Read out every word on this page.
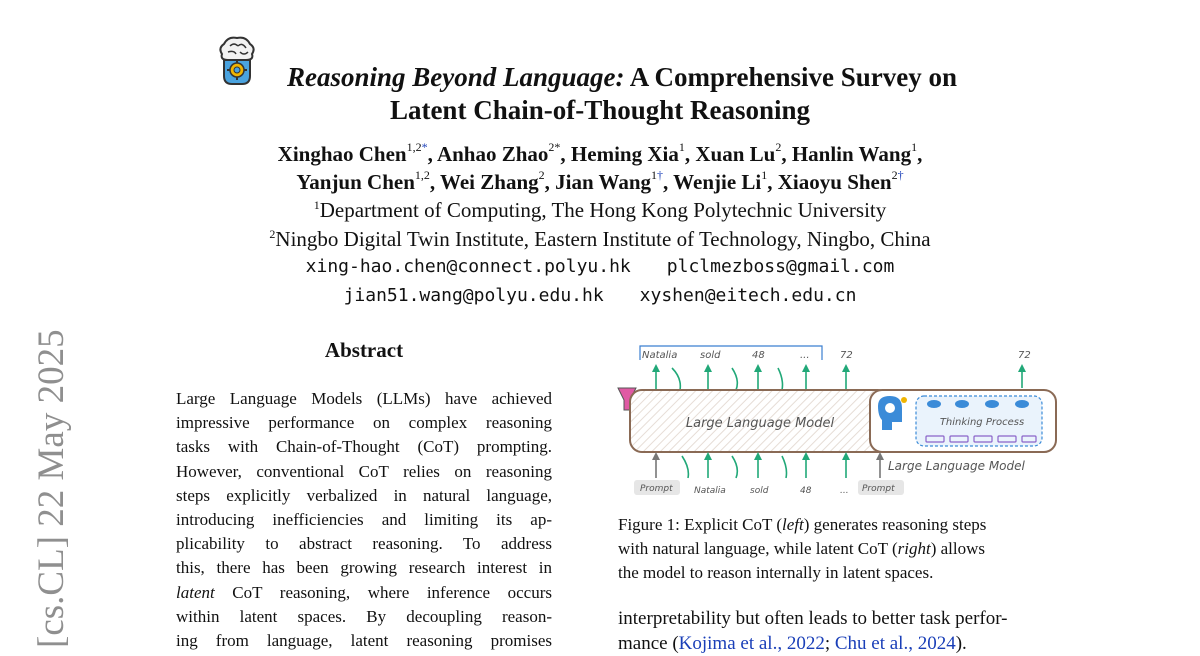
[cs.CL] 22 May 2025
Reasoning Beyond Language: A Comprehensive Survey on
Latent Chain-of-Thought Reasoning
Xinghao Chen$^{1,2*}$, Anhao Zhao$^{2*}$, Heming Xia$^1$, Xuan Lu$^2$, Hanlin Wang$^1$,
Yanjun Chen$^{1,2}$, Wei Zhang$^2$, Jian Wang$^{1\dagger}$, Wenjie Li$^1$, Xiaoyu Shen$^{2\dagger}$
$^1$Department of Computing, The Hong Kong Polytechnic University
$^2$Ningbo Digital Twin Institute, Eastern Institute of Technology, Ningbo, China
xing-hao.chen@connect.polyu.hk plclmezboss@gmail.com
jian51.wang@polyu.edu.hk xyshen@eitech.edu.cn
Abstract
Large Language Models (LLMs) have achieved
impressive performance on complex reasoning
tasks with Chain-of-Thought (CoT) prompting.
However, conventional CoT relies on reasoning
steps explicitly verbalized in natural language,
introducing inefficiencies and limiting its ap-
plicability to abstract reasoning. To address
this, there has been growing research interest in
latent CoT reasoning, where inference occurs
within latent spaces. By decoupling reason-
ing from language, latent reasoning promises
Natalia sold	48	...	72
Large Language Model
Prompt Natalia	sold	48	...
Thinking Process
72
Large Language Model
Prompt
Figure 1: Explicit CoT (left) generates reasoning steps
with natural language, while latent CoT (right) allows
the model to reason internally in latent spaces.
interpretability but often leads to better task perfor-
mance (Kojima et al., 2022; Chu et al., 2024).
